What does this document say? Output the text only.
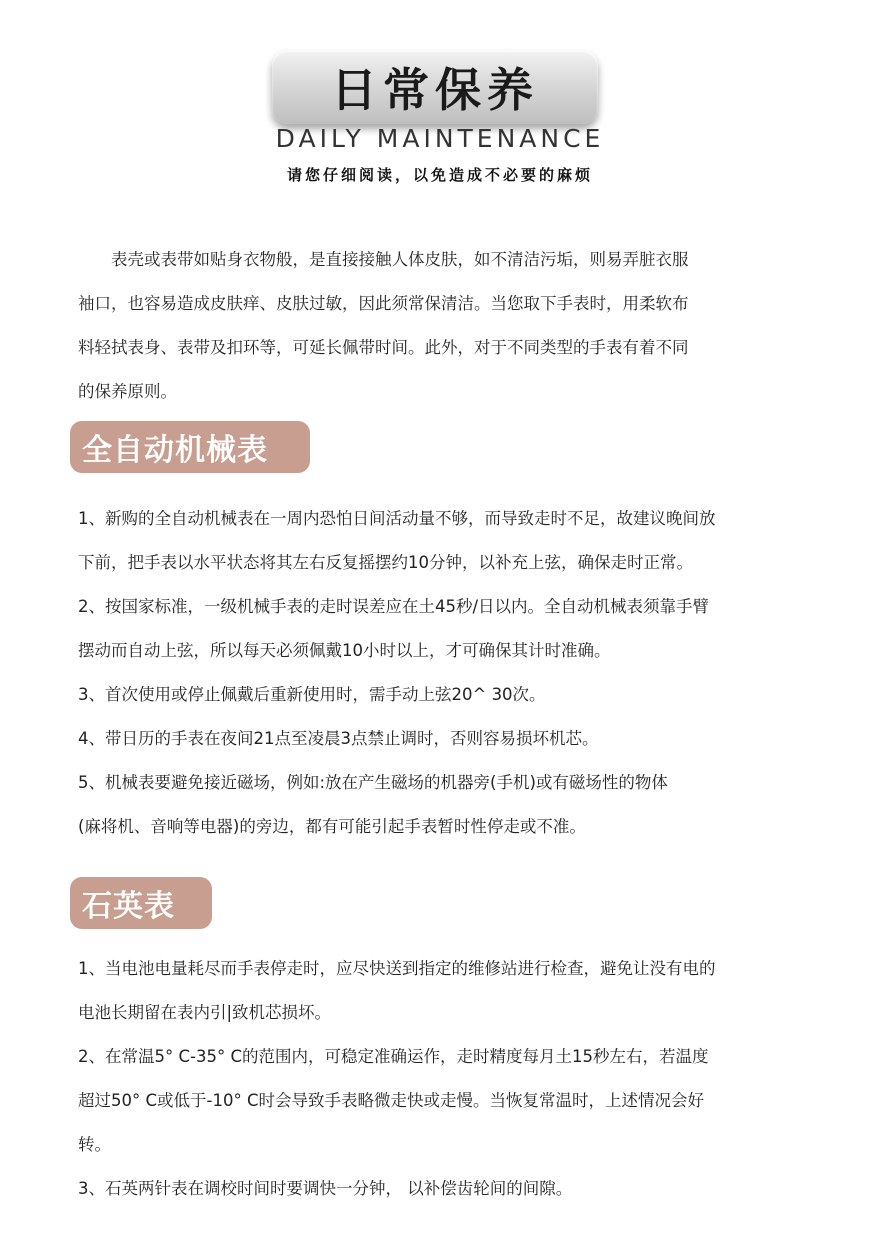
日常保养
DAILY MAINTENANCE
请您仔细阅读，以免造成不必要的麻烦

　　表壳或表带如贴身衣物般，是直接接触人体皮肤，如不清洁污垢，则易弄脏衣服

袖口，也容易造成皮肤痒、皮肤过敏，因此须常保清洁。当您取下手表时，用柔软布

料轻拭表身、表带及扣环等，可延长佩带时间。此外，对于不同类型的手表有着不同

的保养原则。

全自动机械表

1、新购的全自动机械表在一周内恐怕日间活动量不够，而导致走时不足，故建议晚间放

下前，把手表以水平状态将其左右反复摇摆约10分钟，以补充上弦，确保走时正常。

2、按国家标准，一级机械手表的走时误差应在土45秒/日以内。全自动机械表须靠手臂

摆动而自动上弦，所以每天必须佩戴10小时以上，才可确保其计时准确。

3、首次使用或停止佩戴后重新使用时，需手动上弦20^ 30次。

4、带日历的手表在夜间21点至凌晨3点禁止调时，否则容易损坏机芯。

5、机械表要避免接近磁场，例如:放在产生磁场的机器旁(手机)或有磁场性的物体

(麻将机、音响等电器)的旁边，都有可能引起手表暂时性停走或不准。

石英表

1、当电池电量耗尽而手表停走时，应尽快送到指定的维修站进行检查，避免让没有电的

电池长期留在表内引|致机芯损坏。

2、在常温5° C-35° C的范围内，可稳定准确运作，走时精度每月土15秒左右，若温度

超过50° C或低于-10° C时会导致手表略微走快或走慢。当恢复常温时，上述情况会好

转。

3、石英两针表在调校时间时要调快一分钟， 以补偿齿轮间的间隙。
